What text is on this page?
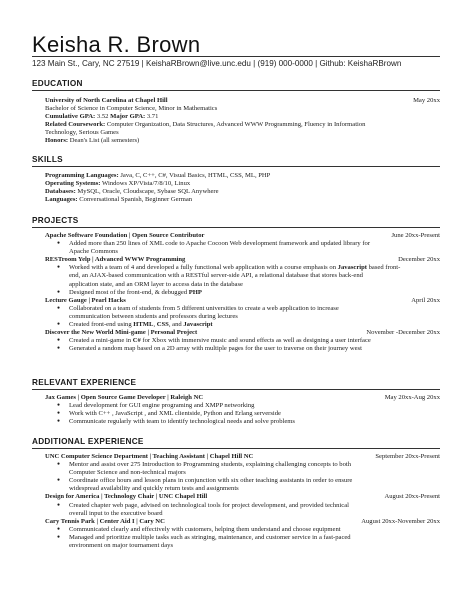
Keisha R. Brown
123 Main St., Cary, NC 27519 | KeishaRBrown@live.unc.edu | (919) 000-0000 | Github: KeishaRBrown
EDUCATION
University of North Carolina at Chapel Hill	May 20xx
Bachelor of Science in Computer Science, Minor in Mathematics
Cumulative GPA: 3.52 Major GPA: 3.71
Related Coursework: Computer Organization, Data Structures, Advanced WWW Programming, Fluency in Information
Technology, Serious Games
Honors: Dean's List (all semesters)
SKILLS
Programming Languages: Java, C, C++, C#, Visual Basics, HTML, CSS, ML, PHP
Operating Systems: Windows XP/Vista/7/8/10, Linux
Databases: MySQL, Oracle, Cloudscape, Sybase SQL Anywhere
Languages: Conversational Spanish, Beginner German
PROJECTS
Apache Software Foundation | Open Source Contributor	June 20xx-Present
● Added more than 250 lines of XML code to Apache Cocoon Web development framework and updated library for
Apache Commons
RESTroom Yelp | Advanced WWW Programming	December 20xx
● Worked with a team of 4 and developed a fully functional web application with a course emphasis on Javascript based front-
end, an AJAX-based communication with a RESTful server-side API, a relational database that stores back-end
application state, and an ORM layer to access data in the database
● Designed most of the front-end, & debugged PHP
Lecture Gauge | Pearl Hacks	April 20xx
● Collaborated on a team of students from 5 different universities to create a web application to increase
communication between students and professors during lectures
● Created front-end using HTML, CSS, and Javascript
Discover the New World Mini-game | Personal Project	November -December 20xx
● Created a mini-game in C# for Xbox with immersive music and sound effects as well as designing a user interface
● Generated a random map based on a 2D array with multiple pages for the user to traverse on their journey west
RELEVANT EXPERIENCE
Jax Games | Open Source Game Developer | Raleigh NC	May 20xx-Aug 20xx
● Lead development for GUI engine programing and XMPP networking
● Work with C++ , JavaScript , and XML clientside, Python and Erlang serverside
● Communicate regularly with team to identify technological needs and solve problems
ADDITIONAL EXPERIENCE
UNC Computer Science Department | Teaching Assistant | Chapel Hill NC	September 20xx-Present
● Mentor and assist over 275 Introduction to Programming students, explaining challenging concepts to both
Computer Science and non-technical majors
● Coordinate office hours and lesson plans in conjunction with six other teaching assistants in order to ensure
widespread availability and quickly return tests and assignments
Design for America | Technology Chair | UNC Chapel Hill	August 20xx-Present
● Created chapter web page, advised on technological tools for project development, and provided technical
overall input to the executive board
Cary Tennis Park | Center Aid I | Cary NC	August 20xx-November 20xx
● Communicated clearly and effectively with customers, helping them understand and choose equipment
● Managed and prioritize multiple tasks such as stringing, maintenance, and customer service in a fast-paced
environment on major tournament days
